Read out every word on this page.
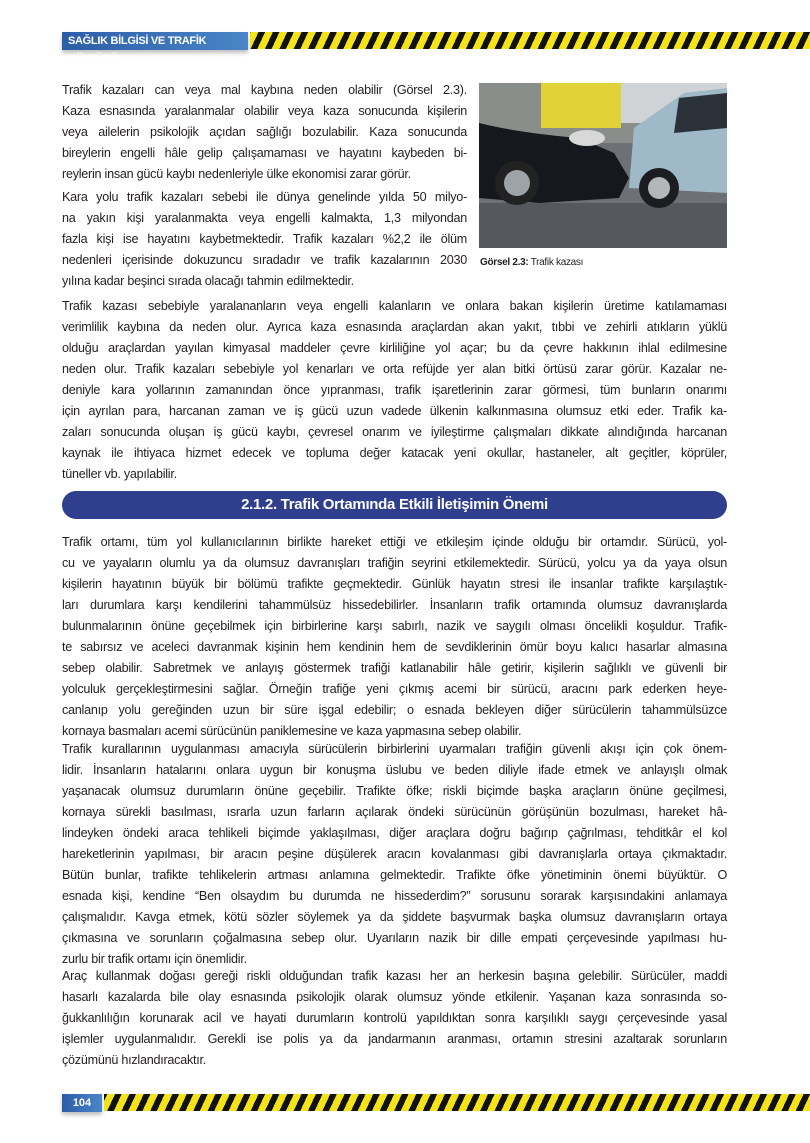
SAĞLIK BİLGİSİ VE TRAFİK KÜLTÜRÜ
Trafik kazaları can veya mal kaybına neden olabilir (Görsel 2.3).
Kaza esnasında yaralanmalar olabilir veya kaza sonucunda kişilerin
veya ailelerin psikolojik açıdan sağlığı bozulabilir. Kaza sonucunda
bireylerin engelli hâle gelip çalışamaması ve hayatını kaybeden bi-
reylerin insan gücü kaybı nedenleriyle ülke ekonomisi zarar görür.
Kara yolu trafik kazaları sebebi ile dünya genelinde yılda 50 milyo-
na yakın kişi yaralanmakta veya engelli kalmakta, 1,3 milyondan
fazla kişi ise hayatını kaybetmektedir. Trafik kazaları %2,2 ile ölüm
nedenleri içerisinde dokuzuncu sıradadır ve trafik kazalarının 2030
yılına kadar beşinci sırada olacağı tahmin edilmektedir.
Görsel 2.3: Trafik kazası
Trafik kazası sebebiyle yaralananların veya engelli kalanların ve onlara bakan kişilerin üretime katılamaması
verimlilik kaybına da neden olur. Ayrıca kaza esnasında araçlardan akan yakıt, tıbbi ve zehirli atıkların yüklü
olduğu araçlardan yayılan kimyasal maddeler çevre kirliliğine yol açar; bu da çevre hakkının ihlal edilmesine
neden olur. Trafik kazaları sebebiyle yol kenarları ve orta refüjde yer alan bitki örtüsü zarar görür. Kazalar ne-
deniyle kara yollarının zamanından önce yıpranması, trafik işaretlerinin zarar görmesi, tüm bunların onarımı
için ayrılan para, harcanan zaman ve iş gücü uzun vadede ülkenin kalkınmasına olumsuz etki eder. Trafik ka-
zaları sonucunda oluşan iş gücü kaybı, çevresel onarım ve iyileştirme çalışmaları dikkate alındığında harcanan
kaynak ile ihtiyaca hizmet edecek ve topluma değer katacak yeni okullar, hastaneler, alt geçitler, köprüler,
tüneller vb. yapılabilir.
2.1.2. Trafik Ortamında Etkili İletişimin Önemi
Trafik ortamı, tüm yol kullanıcılarının birlikte hareket ettiği ve etkileşim içinde olduğu bir ortamdır. Sürücü, yol-
cu ve yayaların olumlu ya da olumsuz davranışları trafiğin seyrini etkilemektedir. Sürücü, yolcu ya da yaya olsun
kişilerin hayatının büyük bir bölümü trafikte geçmektedir. Günlük hayatın stresi ile insanlar trafikte karşılaştık-
ları durumlara karşı kendilerini tahammülsüz hissedebilirler. İnsanların trafik ortamında olumsuz davranışlarda
bulunmalarının önüne geçebilmek için birbirlerine karşı sabırlı, nazik ve saygılı olması öncelikli koşuldur. Trafik-
te sabırsız ve aceleci davranmak kişinin hem kendinin hem de sevdiklerinin ömür boyu kalıcı hasarlar almasına
sebep olabilir. Sabretmek ve anlayış göstermek trafiği katlanabilir hâle getirir, kişilerin sağlıklı ve güvenli bir
yolculuk gerçekleştirmesini sağlar. Örneğin trafiğe yeni çıkmış acemi bir sürücü, aracını park ederken heye-
canlanıp yolu gereğinden uzun bir süre işgal edebilir; o esnada bekleyen diğer sürücülerin tahammülsüzce
kornaya basmaları acemi sürücünün paniklemesine ve kaza yapmasına sebep olabilir.
Trafik kurallarının uygulanması amacıyla sürücülerin birbirlerini uyarmaları trafiğin güvenli akışı için çok önem-
lidir. İnsanların hatalarını onlara uygun bir konuşma üslubu ve beden diliyle ifade etmek ve anlayışlı olmak
yaşanacak olumsuz durumların önüne geçebilir. Trafikte öfke; riskli biçimde başka araçların önüne geçilmesi,
kornaya sürekli basılması, ısrarla uzun farların açılarak öndeki sürücünün görüşünün bozulması, hareket hâ-
lindeyken öndeki araca tehlikeli biçimde yaklaşılması, diğer araçlara doğru bağırıp çağrılması, tehditkâr el kol
hareketlerinin yapılması, bir aracın peşine düşülerek aracın kovalanması gibi davranışlarla ortaya çıkmaktadır.
Bütün bunlar, trafikte tehlikelerin artması anlamına gelmektedir. Trafikte öfke yönetiminin önemi büyüktür. O
esnada kişi, kendine “Ben olsaydım bu durumda ne hissederdim?” sorusunu sorarak karşısındakini anlamaya
çalışmalıdır. Kavga etmek, kötü sözler söylemek ya da şiddete başvurmak başka olumsuz davranışların ortaya
çıkmasına ve sorunların çoğalmasına sebep olur. Uyarıların nazik bir dille empati çerçevesinde yapılması hu-
zurlu bir trafik ortamı için önemlidir.
Araç kullanmak doğası gereği riskli olduğundan trafik kazası her an herkesin başına gelebilir. Sürücüler, maddi
hasarlı kazalarda bile olay esnasında psikolojik olarak olumsuz yönde etkilenir. Yaşanan kaza sonrasında so-
ğukkanlılığın korunarak acil ve hayati durumların kontrolü yapıldıktan sonra karşılıklı saygı çerçevesinde yasal
işlemler uygulanmalıdır. Gerekli ise polis ya da jandarmanın aranması, ortamın stresini azaltarak sorunların
çözümünü hızlandıracaktır.
104
